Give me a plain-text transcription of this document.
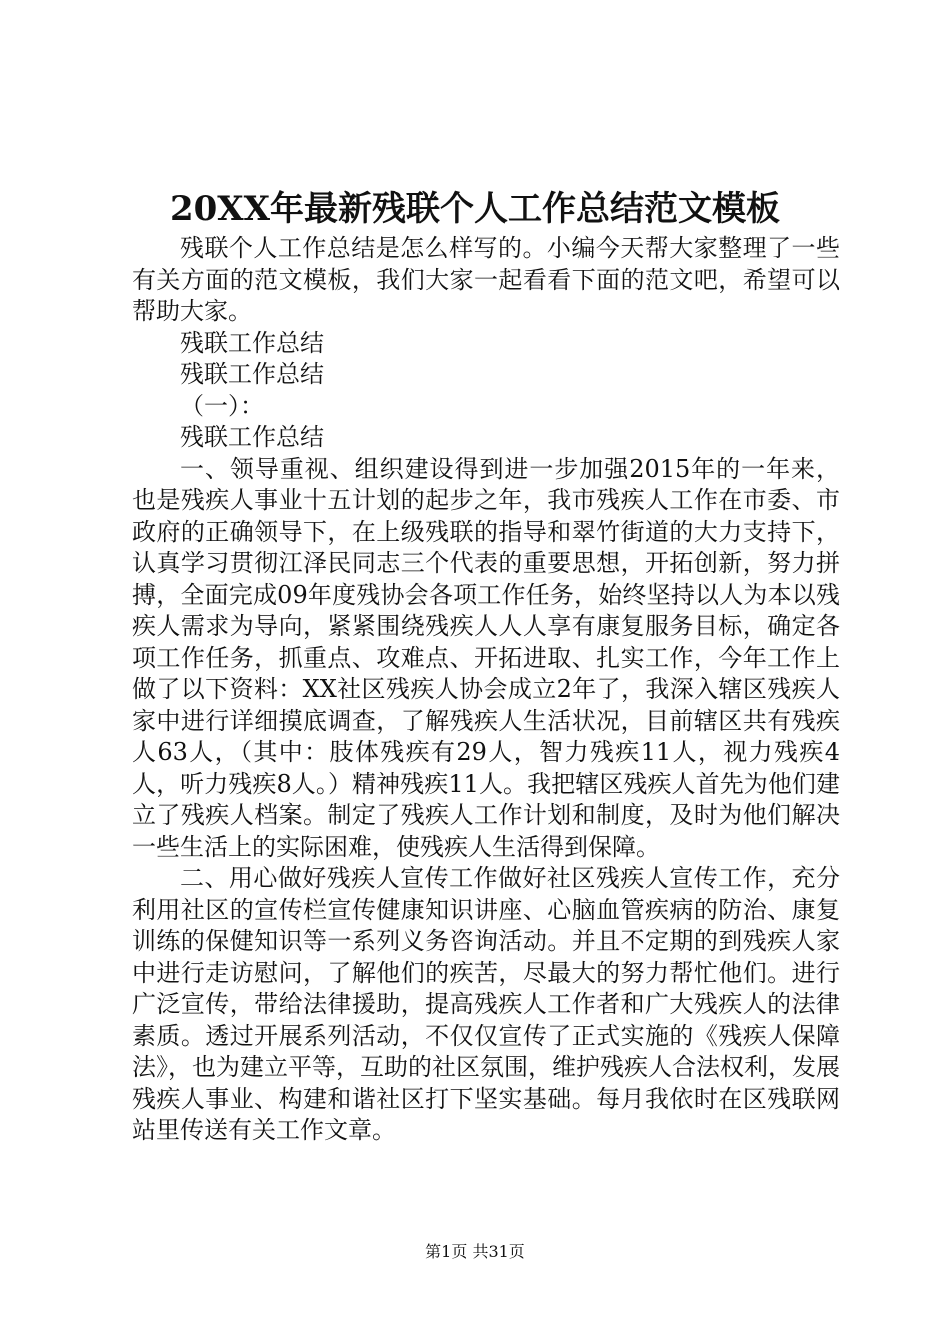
20XX年最新残联个人工作总结范文模板

残联个人工作总结是怎么样写的。小编今天帮大家整理了一些有关方面的范文模板，我们大家一起看看下面的范文吧，希望可以帮助大家。

残联工作总结

残联工作总结

（一）：

残联工作总结

一、领导重视、组织建设得到进一步加强2015年的一年来，也是残疾人事业十五计划的起步之年，我市残疾人工作在市委、市政府的正确领导下，在上级残联的指导和翠竹街道的大力支持下，认真学习贯彻江泽民同志三个代表的重要思想，开拓创新，努力拼搏，全面完成09年度残协会各项工作任务，始终坚持以人为本以残疾人需求为导向，紧紧围绕残疾人人人享有康复服务目标，确定各项工作任务，抓重点、攻难点、开拓进取、扎实工作，今年工作上做了以下资料：XX社区残疾人协会成立2年了，我深入辖区残疾人家中进行详细摸底调查，了解残疾人生活状况，目前辖区共有残疾人63人，（其中：肢体残疾有29人，智力残疾11人，视力残疾4人，听力残疾8人。）精神残疾11人。我把辖区残疾人首先为他们建立了残疾人档案。制定了残疾人工作计划和制度，及时为他们解决一些生活上的实际困难，使残疾人生活得到保障。

二、用心做好残疾人宣传工作做好社区残疾人宣传工作，充分利用社区的宣传栏宣传健康知识讲座、心脑血管疾病的防治、康复训练的保健知识等一系列义务咨询活动。并且不定期的到残疾人家中进行走访慰问，了解他们的疾苦，尽最大的努力帮忙他们。进行广泛宣传，带给法律援助，提高残疾人工作者和广大残疾人的法律素质。透过开展系列活动，不仅仅宣传了正式实施的《残疾人保障法》，也为建立平等，互助的社区氛围，维护残疾人合法权利，发展残疾人事业、构建和谐社区打下坚实基础。每月我依时在区残联网站里传送有关工作文章。

第1页 共31页
